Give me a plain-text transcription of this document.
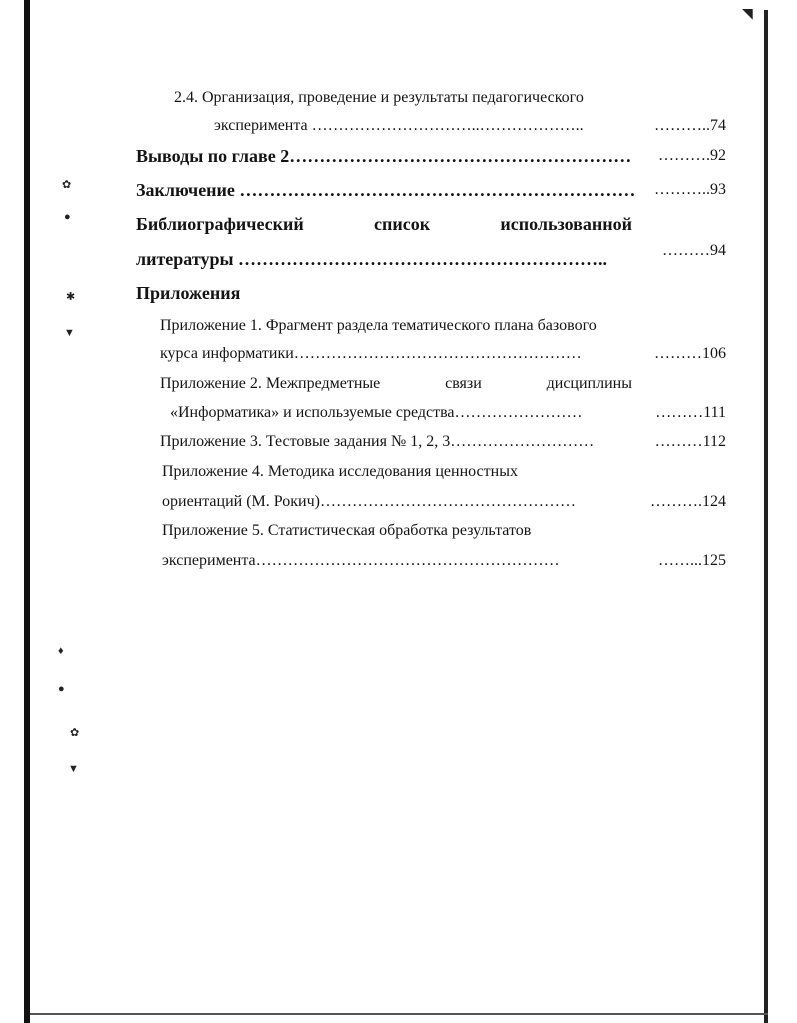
◥
✿
●
✱
▼
♦
●
✿
▼
2.4. Организация, проведение и результаты педагогического
эксперимента …………………………..………………..	………..74
Выводы по главе 2…………………………………………………	……….92
Заключение …………………………………………………………	………..93
Библиографический	список	использованной
литературы ……………………………………………………..	………94
Приложения
Приложение 1. Фрагмент раздела тематического плана базового
курса информатики………………………………………………	………106
Приложение 2. Межпредметные	связи	дисциплины
«Информатика» и используемые средства……………………	………111
Приложение 3. Тестовые задания № 1, 2, 3………………………	………112
Приложение 4. Методика исследования ценностных
ориентаций (М. Рокич)…………………………………………	……….124
Приложение 5. Статистическая обработка результатов
эксперимента…………………………………………………	……...125
